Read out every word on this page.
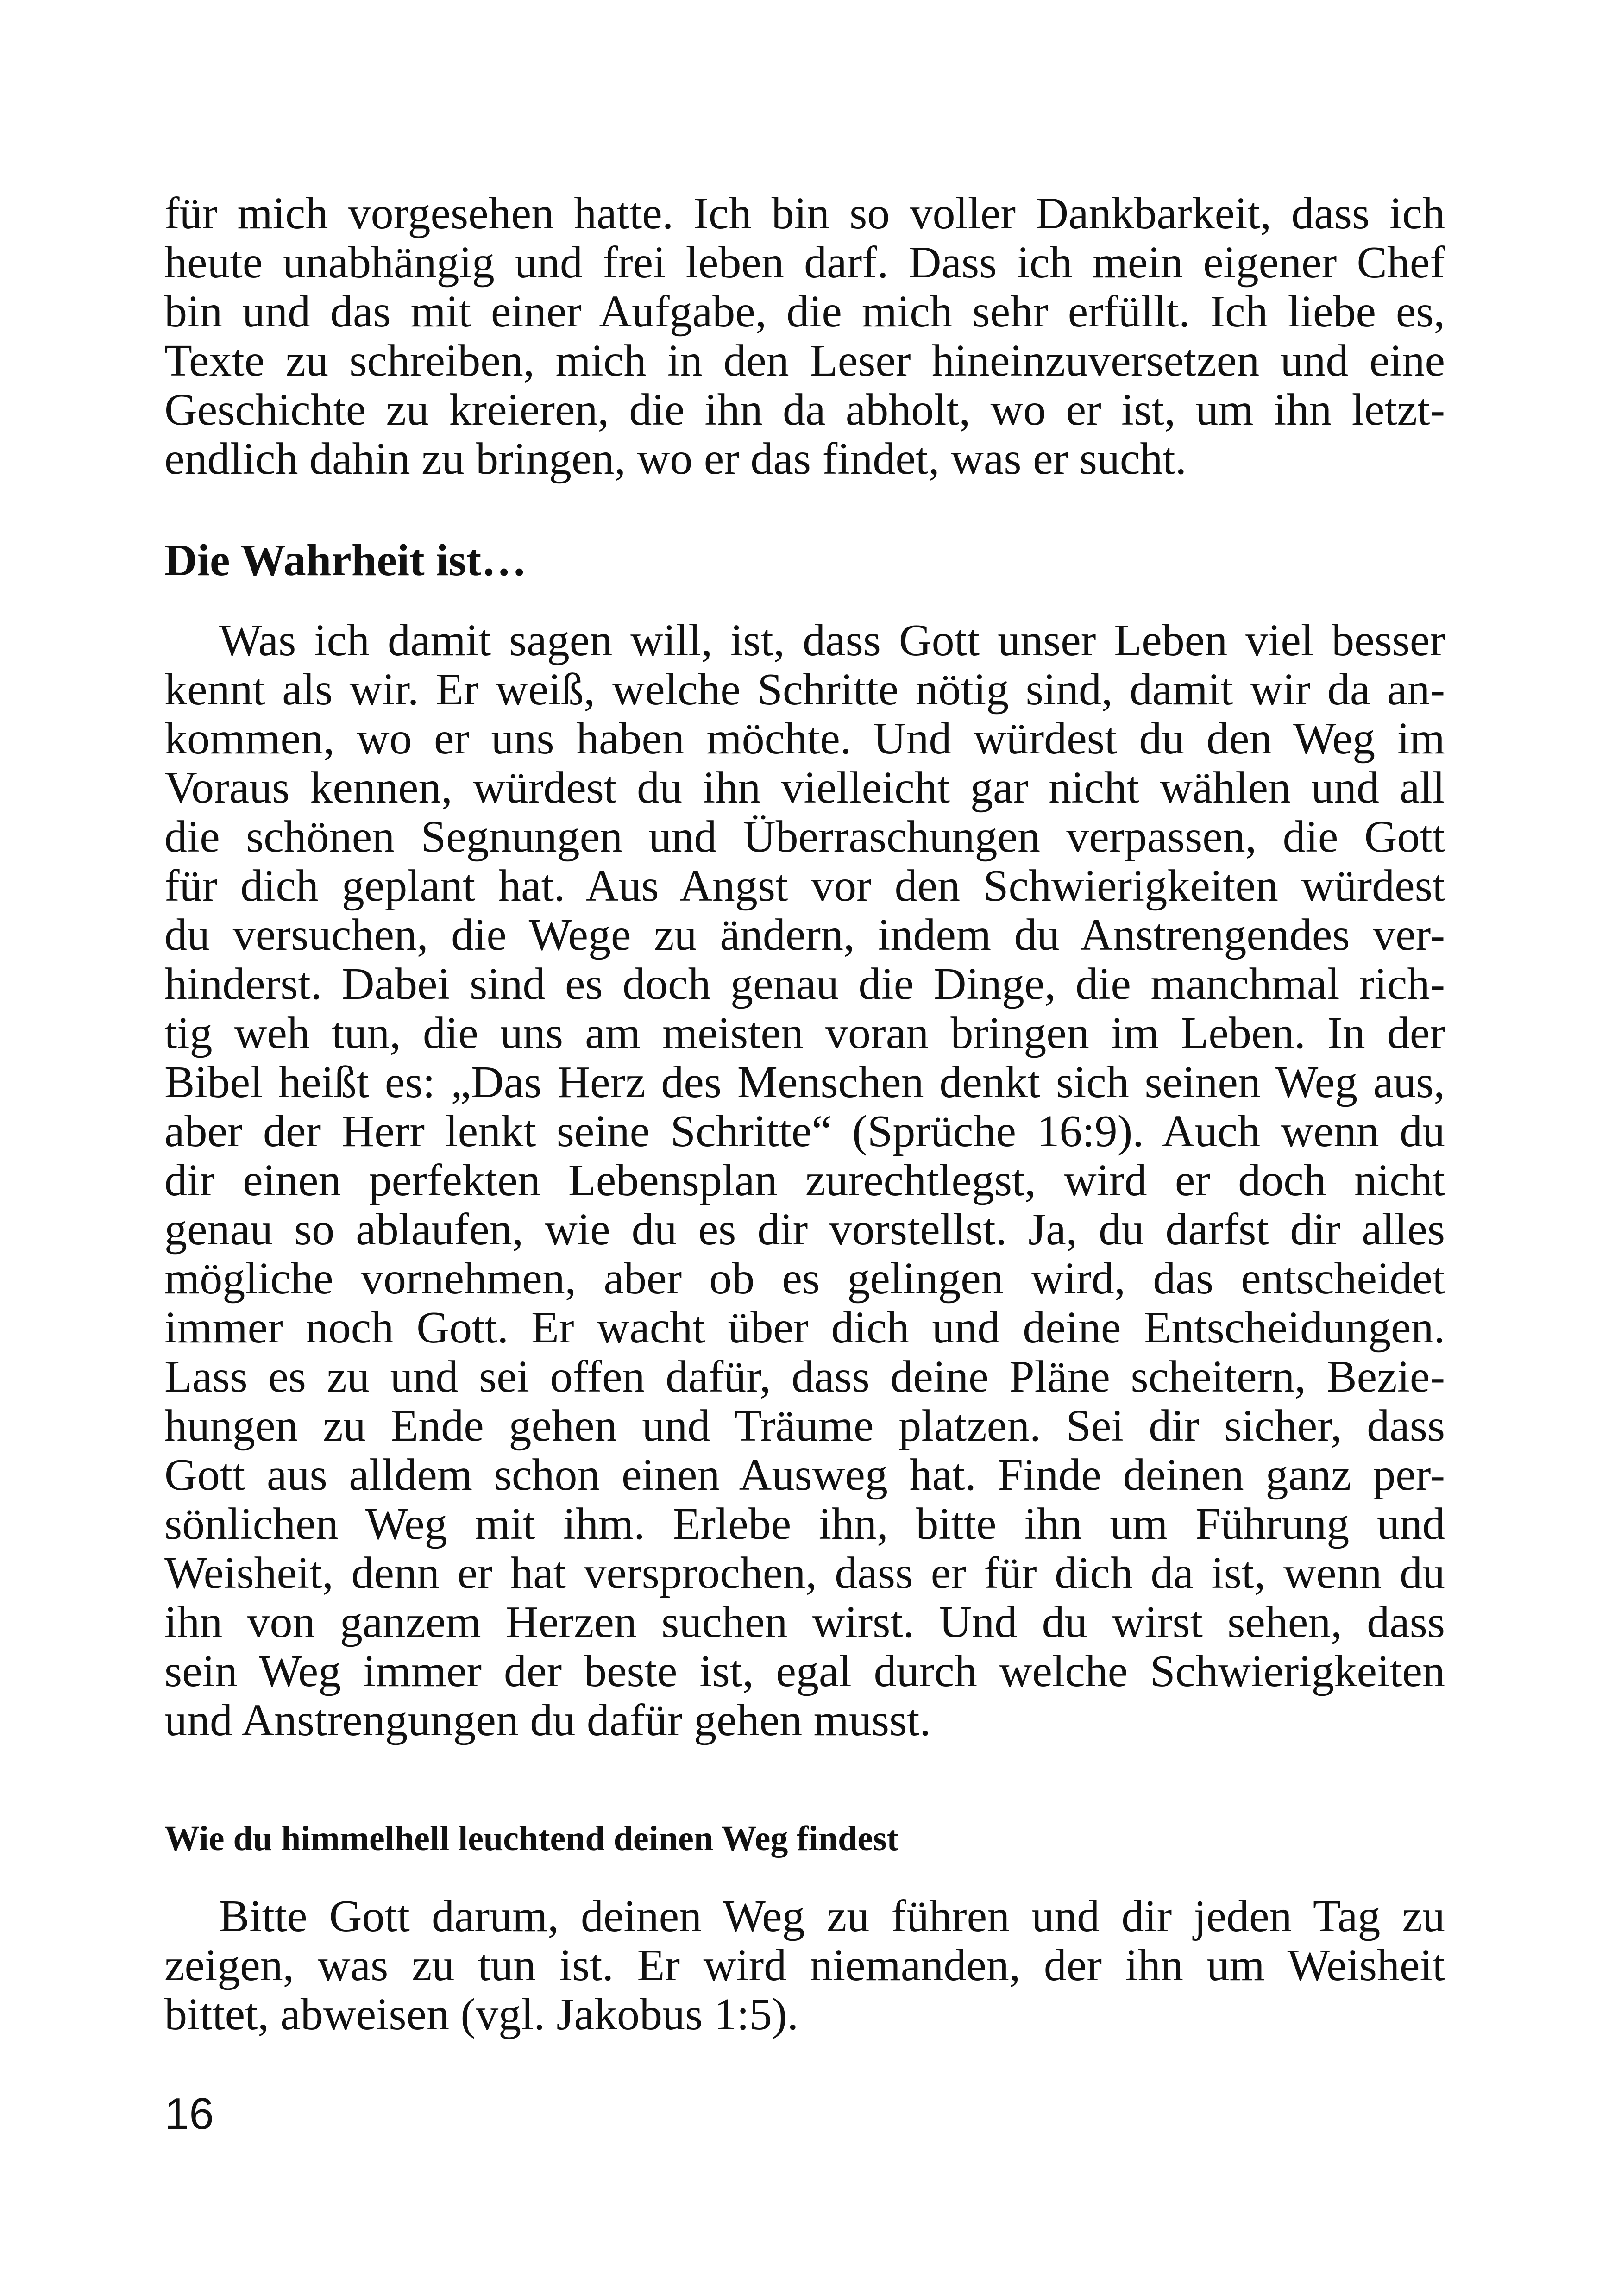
für mich vorgesehen hatte. Ich bin so voller Dankbarkeit, dass ich
heute unabhängig und frei leben darf. Dass ich mein eigener Chef
bin und das mit einer Aufgabe, die mich sehr erfüllt. Ich liebe es,
Texte zu schreiben, mich in den Leser hineinzuversetzen und eine
Geschichte zu kreieren, die ihn da abholt, wo er ist, um ihn letzt-
endlich dahin zu bringen, wo er das findet, was er sucht.
Die Wahrheit ist…
Was ich damit sagen will, ist, dass Gott unser Leben viel besser
kennt als wir. Er weiß, welche Schritte nötig sind, damit wir da an-
kommen, wo er uns haben möchte. Und würdest du den Weg im
Voraus kennen, würdest du ihn vielleicht gar nicht wählen und all
die schönen Segnungen und Überraschungen verpassen, die Gott
für dich geplant hat. Aus Angst vor den Schwierigkeiten würdest
du versuchen, die Wege zu ändern, indem du Anstrengendes ver-
hinderst. Dabei sind es doch genau die Dinge, die manchmal rich-
tig weh tun, die uns am meisten voran bringen im Leben. In der
Bibel heißt es: „Das Herz des Menschen denkt sich seinen Weg aus,
aber der Herr lenkt seine Schritte“ (Sprüche 16:9). Auch wenn du
dir einen perfekten Lebensplan zurechtlegst, wird er doch nicht
genau so ablaufen, wie du es dir vorstellst. Ja, du darfst dir alles
mögliche vornehmen, aber ob es gelingen wird, das entscheidet
immer noch Gott. Er wacht über dich und deine Entscheidungen.
Lass es zu und sei offen dafür, dass deine Pläne scheitern, Bezie-
hungen zu Ende gehen und Träume platzen. Sei dir sicher, dass
Gott aus alldem schon einen Ausweg hat. Finde deinen ganz per-
sönlichen Weg mit ihm. Erlebe ihn, bitte ihn um Führung und
Weisheit, denn er hat versprochen, dass er für dich da ist, wenn du
ihn von ganzem Herzen suchen wirst. Und du wirst sehen, dass
sein Weg immer der beste ist, egal durch welche Schwierigkeiten
und Anstrengungen du dafür gehen musst.
Wie du himmelhell leuchtend deinen Weg findest
Bitte Gott darum, deinen Weg zu führen und dir jeden Tag zu
zeigen, was zu tun ist. Er wird niemanden, der ihn um Weisheit
bittet, abweisen (vgl. Jakobus 1:5).
16
